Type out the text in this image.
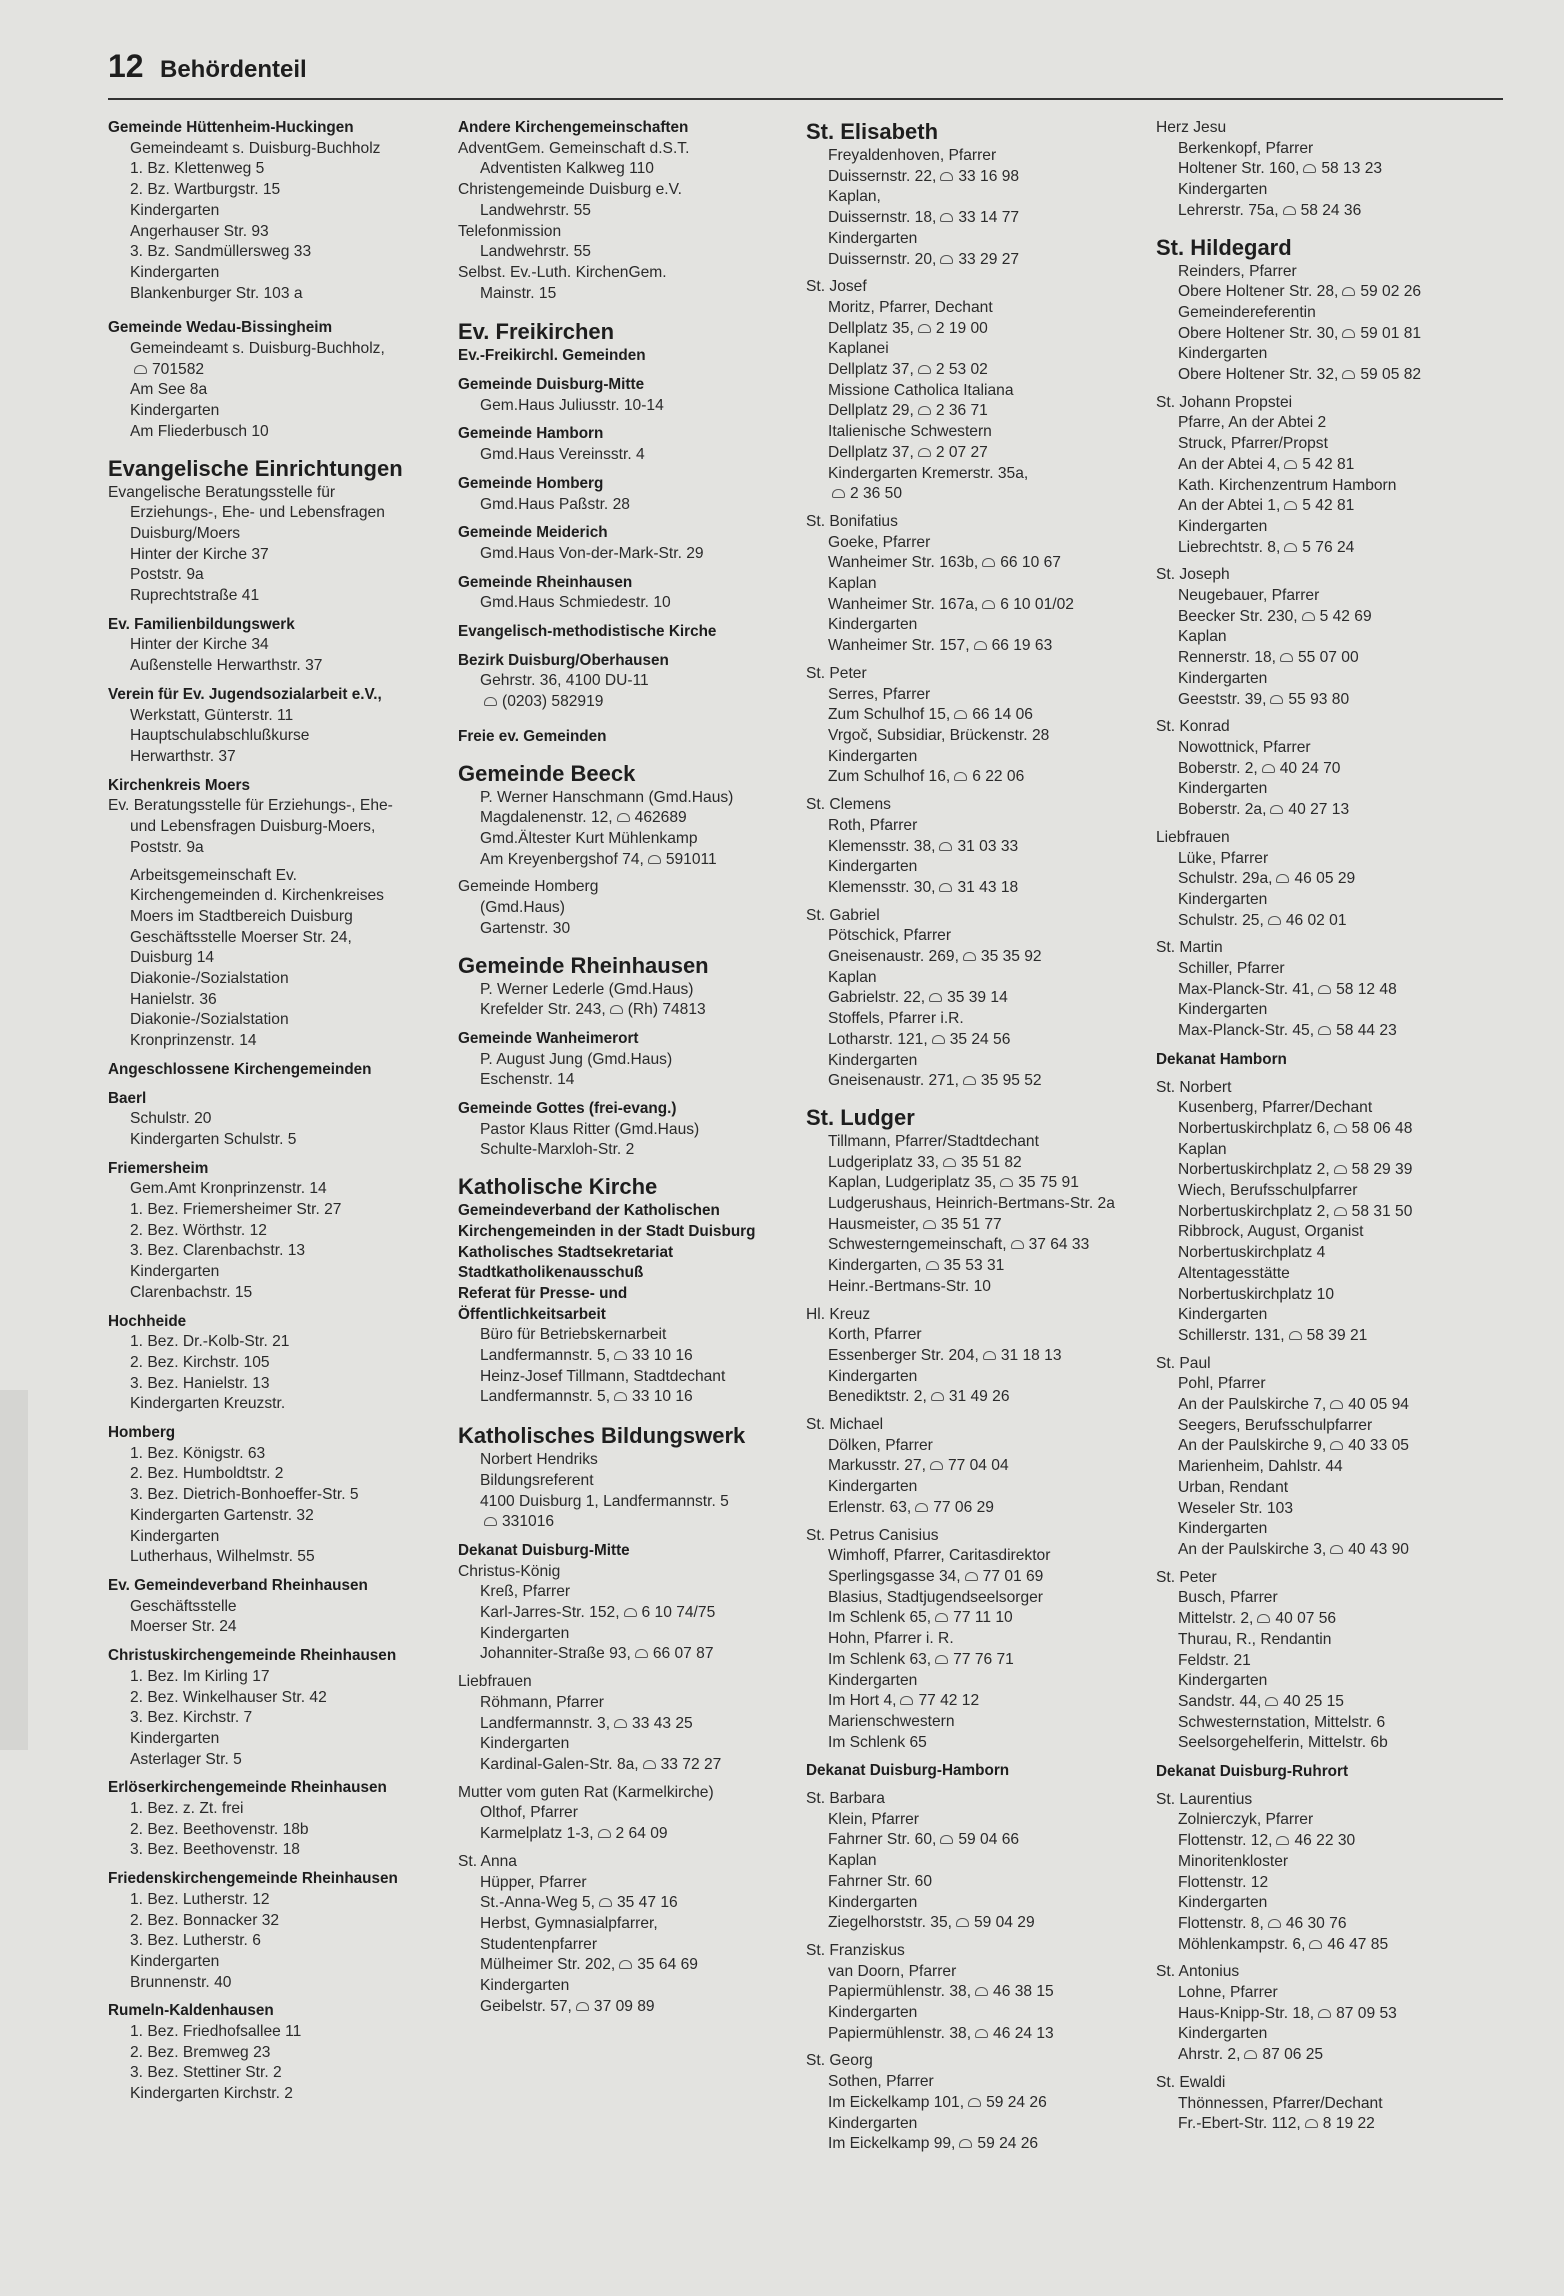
12 Behördenteil
Gemeinde Hüttenheim-Huckingen
Gemeindeamt s. Duisburg-Buchholz
1. Bz. Klettenweg 5
2. Bz. Wartburgstr. 15
Kindergarten
Angerhauser Str. 93
3. Bz. Sandmüllersweg 33
Kindergarten
Blankenburger Str. 103 a
Gemeinde Wedau-Bissingheim
Gemeindeamt s. Duisburg-Buchholz,
701582
Am See 8a
Kindergarten
Am Fliederbusch 10
Evangelische Einrichtungen
Evangelische Beratungsstelle für
Erziehungs-, Ehe- und Lebensfragen
Duisburg/Moers
Hinter der Kirche 37
Poststr. 9a
Ruprechtstraße 41
Ev. Familienbildungswerk
Hinter der Kirche 34
Außenstelle Herwarthstr. 37
Verein für Ev. Jugendsozialarbeit e.V.,
Werkstatt, Günterstr. 11
Hauptschulabschlußkurse
Herwarthstr. 37
Kirchenkreis Moers
Ev. Beratungsstelle für Erziehungs-, Ehe-
und Lebensfragen Duisburg-Moers,
Poststr. 9a
Arbeitsgemeinschaft Ev.
Kirchengemeinden d. Kirchenkreises
Moers im Stadtbereich Duisburg
Geschäftsstelle Moerser Str. 24,
Duisburg 14
Diakonie-/Sozialstation
Hanielstr. 36
Diakonie-/Sozialstation
Kronprinzenstr. 14
Angeschlossene Kirchengemeinden
Baerl
Schulstr. 20
Kindergarten Schulstr. 5
Friemersheim
Gem.Amt Kronprinzenstr. 14
1. Bez. Friemersheimer Str. 27
2. Bez. Wörthstr. 12
3. Bez. Clarenbachstr. 13
Kindergarten
Clarenbachstr. 15
Hochheide
1. Bez. Dr.-Kolb-Str. 21
2. Bez. Kirchstr. 105
3. Bez. Hanielstr. 13
Kindergarten Kreuzstr.
Homberg
1. Bez. Königstr. 63
2. Bez. Humboldtstr. 2
3. Bez. Dietrich-Bonhoeffer-Str. 5
Kindergarten Gartenstr. 32
Kindergarten
Lutherhaus, Wilhelmstr. 55
Ev. Gemeindeverband Rheinhausen
Geschäftsstelle
Moerser Str. 24
Christuskirchengemeinde Rheinhausen
1. Bez. Im Kirling 17
2. Bez. Winkelhauser Str. 42
3. Bez. Kirchstr. 7
Kindergarten
Asterlager Str. 5
Erlöserkirchengemeinde Rheinhausen
1. Bez. z. Zt. frei
2. Bez. Beethovenstr. 18b
3. Bez. Beethovenstr. 18
Friedenskirchengemeinde Rheinhausen
1. Bez. Lutherstr. 12
2. Bez. Bonnacker 32
3. Bez. Lutherstr. 6
Kindergarten
Brunnenstr. 40
Rumeln-Kaldenhausen
1. Bez. Friedhofsallee 11
2. Bez. Bremweg 23
3. Bez. Stettiner Str. 2
Kindergarten Kirchstr. 2
Andere Kirchengemeinschaften
AdventGem. Gemeinschaft d.S.T.
Adventisten Kalkweg 110
Christengemeinde Duisburg e.V.
Landwehrstr. 55
Telefonmission
Landwehrstr. 55
Selbst. Ev.-Luth. KirchenGem.
Mainstr. 15
Ev. Freikirchen
Ev.-Freikirchl. Gemeinden
Gemeinde Duisburg-Mitte
Gem.Haus Juliusstr. 10-14
Gemeinde Hamborn
Gmd.Haus Vereinsstr. 4
Gemeinde Homberg
Gmd.Haus Paßstr. 28
Gemeinde Meiderich
Gmd.Haus Von-der-Mark-Str. 29
Gemeinde Rheinhausen
Gmd.Haus Schmiedestr. 10
Evangelisch-methodistische Kirche
Bezirk Duisburg/Oberhausen
Gehrstr. 36, 4100 DU-11
(0203) 582919
Freie ev. Gemeinden
Gemeinde Beeck
P. Werner Hanschmann (Gmd.Haus)
Magdalenenstr. 12, 462689
Gmd.Ältester Kurt Mühlenkamp
Am Kreyenbergshof 74, 591011
Gemeinde Homberg
(Gmd.Haus)
Gartenstr. 30
Gemeinde Rheinhausen
P. Werner Lederle (Gmd.Haus)
Krefelder Str. 243, (Rh) 74813
Gemeinde Wanheimerort
P. August Jung (Gmd.Haus)
Eschenstr. 14
Gemeinde Gottes (frei-evang.)
Pastor Klaus Ritter (Gmd.Haus)
Schulte-Marxloh-Str. 2
Katholische Kirche
Gemeindeverband der Katholischen
Kirchengemeinden in der Stadt Duisburg
Katholisches Stadtsekretariat
Stadtkatholikenausschuß
Referat für Presse- und
Öffentlichkeitsarbeit
Büro für Betriebskernarbeit
Landfermannstr. 5, 33 10 16
Heinz-Josef Tillmann, Stadtdechant
Landfermannstr. 5, 33 10 16
Katholisches Bildungswerk
Norbert Hendriks
Bildungsreferent
4100 Duisburg 1, Landfermannstr. 5
331016
Dekanat Duisburg-Mitte
Christus-König
Kreß, Pfarrer
Karl-Jarres-Str. 152, 6 10 74/75
Kindergarten
Johanniter-Straße 93, 66 07 87
Liebfrauen
Röhmann, Pfarrer
Landfermannstr. 3, 33 43 25
Kindergarten
Kardinal-Galen-Str. 8a, 33 72 27
Mutter vom guten Rat (Karmelkirche)
Olthof, Pfarrer
Karmelplatz 1-3, 2 64 09
St. Anna
Hüpper, Pfarrer
St.-Anna-Weg 5, 35 47 16
Herbst, Gymnasialpfarrer,
Studentenpfarrer
Mülheimer Str. 202, 35 64 69
Kindergarten
Geibelstr. 57, 37 09 89
St. Elisabeth
Freyaldenhoven, Pfarrer
Duissernstr. 22, 33 16 98
Kaplan,
Duissernstr. 18, 33 14 77
Kindergarten
Duissernstr. 20, 33 29 27
St. Josef
Moritz, Pfarrer, Dechant
Dellplatz 35, 2 19 00
Kaplanei
Dellplatz 37, 2 53 02
Missione Catholica Italiana
Dellplatz 29, 2 36 71
Italienische Schwestern
Dellplatz 37, 2 07 27
Kindergarten Kremerstr. 35a,
2 36 50
St. Bonifatius
Goeke, Pfarrer
Wanheimer Str. 163b, 66 10 67
Kaplan
Wanheimer Str. 167a, 6 10 01/02
Kindergarten
Wanheimer Str. 157, 66 19 63
St. Peter
Serres, Pfarrer
Zum Schulhof 15, 66 14 06
Vrgoč, Subsidiar, Brückenstr. 28
Kindergarten
Zum Schulhof 16, 6 22 06
St. Clemens
Roth, Pfarrer
Klemensstr. 38, 31 03 33
Kindergarten
Klemensstr. 30, 31 43 18
St. Gabriel
Pötschick, Pfarrer
Gneisenaustr. 269, 35 35 92
Kaplan
Gabrielstr. 22, 35 39 14
Stoffels, Pfarrer i.R.
Lotharstr. 121, 35 24 56
Kindergarten
Gneisenaustr. 271, 35 95 52
St. Ludger
Tillmann, Pfarrer/Stadtdechant
Ludgeriplatz 33, 35 51 82
Kaplan, Ludgeriplatz 35, 35 75 91
Ludgerushaus, Heinrich-Bertmans-Str. 2a
Hausmeister, 35 51 77
Schwesterngemeinschaft, 37 64 33
Kindergarten, 35 53 31
Heinr.-Bertmans-Str. 10
Hl. Kreuz
Korth, Pfarrer
Essenberger Str. 204, 31 18 13
Kindergarten
Benediktstr. 2, 31 49 26
St. Michael
Dölken, Pfarrer
Markusstr. 27, 77 04 04
Kindergarten
Erlenstr. 63, 77 06 29
St. Petrus Canisius
Wimhoff, Pfarrer, Caritasdirektor
Sperlingsgasse 34, 77 01 69
Blasius, Stadtjugendseelsorger
Im Schlenk 65, 77 11 10
Hohn, Pfarrer i. R.
Im Schlenk 63, 77 76 71
Kindergarten
Im Hort 4, 77 42 12
Marienschwestern
Im Schlenk 65
Dekanat Duisburg-Hamborn
St. Barbara
Klein, Pfarrer
Fahrner Str. 60, 59 04 66
Kaplan
Fahrner Str. 60
Kindergarten
Ziegelhorststr. 35, 59 04 29
St. Franziskus
van Doorn, Pfarrer
Papiermühlenstr. 38, 46 38 15
Kindergarten
Papiermühlenstr. 38, 46 24 13
St. Georg
Sothen, Pfarrer
Im Eickelkamp 101, 59 24 26
Kindergarten
Im Eickelkamp 99, 59 24 26
Herz Jesu
Berkenkopf, Pfarrer
Holtener Str. 160, 58 13 23
Kindergarten
Lehrerstr. 75a, 58 24 36
St. Hildegard
Reinders, Pfarrer
Obere Holtener Str. 28, 59 02 26
Gemeindereferentin
Obere Holtener Str. 30, 59 01 81
Kindergarten
Obere Holtener Str. 32, 59 05 82
St. Johann Propstei
Pfarre, An der Abtei 2
Struck, Pfarrer/Propst
An der Abtei 4, 5 42 81
Kath. Kirchenzentrum Hamborn
An der Abtei 1, 5 42 81
Kindergarten
Liebrechtstr. 8, 5 76 24
St. Joseph
Neugebauer, Pfarrer
Beecker Str. 230, 5 42 69
Kaplan
Rennerstr. 18, 55 07 00
Kindergarten
Geeststr. 39, 55 93 80
St. Konrad
Nowottnick, Pfarrer
Boberstr. 2, 40 24 70
Kindergarten
Boberstr. 2a, 40 27 13
Liebfrauen
Lüke, Pfarrer
Schulstr. 29a, 46 05 29
Kindergarten
Schulstr. 25, 46 02 01
St. Martin
Schiller, Pfarrer
Max-Planck-Str. 41, 58 12 48
Kindergarten
Max-Planck-Str. 45, 58 44 23
Dekanat Hamborn
St. Norbert
Kusenberg, Pfarrer/Dechant
Norbertuskirchplatz 6, 58 06 48
Kaplan
Norbertuskirchplatz 2, 58 29 39
Wiech, Berufsschulpfarrer
Norbertuskirchplatz 2, 58 31 50
Ribbrock, August, Organist
Norbertuskirchplatz 4
Altentagesstätte
Norbertuskirchplatz 10
Kindergarten
Schillerstr. 131, 58 39 21
St. Paul
Pohl, Pfarrer
An der Paulskirche 7, 40 05 94
Seegers, Berufsschulpfarrer
An der Paulskirche 9, 40 33 05
Marienheim, Dahlstr. 44
Urban, Rendant
Weseler Str. 103
Kindergarten
An der Paulskirche 3, 40 43 90
St. Peter
Busch, Pfarrer
Mittelstr. 2, 40 07 56
Thurau, R., Rendantin
Feldstr. 21
Kindergarten
Sandstr. 44, 40 25 15
Schwesternstation, Mittelstr. 6
Seelsorgehelferin, Mittelstr. 6b
Dekanat Duisburg-Ruhrort
St. Laurentius
Zolnierczyk, Pfarrer
Flottenstr. 12, 46 22 30
Minoritenkloster
Flottenstr. 12
Kindergarten
Flottenstr. 8, 46 30 76
Möhlenkampstr. 6, 46 47 85
St. Antonius
Lohne, Pfarrer
Haus-Knipp-Str. 18, 87 09 53
Kindergarten
Ahrstr. 2, 87 06 25
St. Ewaldi
Thönnessen, Pfarrer/Dechant
Fr.-Ebert-Str. 112, 8 19 22
